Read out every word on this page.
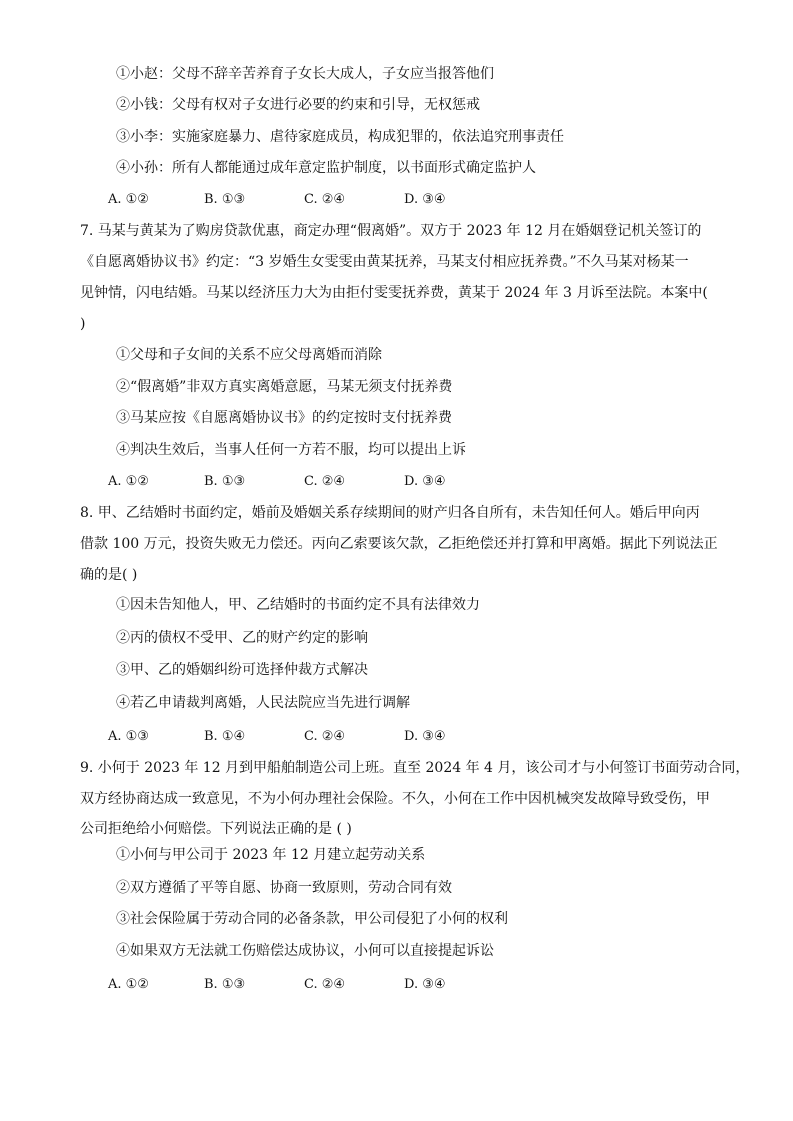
①小赵：父母不辞辛苦养育子女长大成人，子女应当报答他们
②小钱：父母有权对子女进行必要的约束和引导，无权惩戒
③小李：实施家庭暴力、虐待家庭成员，构成犯罪的，依法追究刑事责任
④小孙：所有人都能通过成年意定监护制度，以书面形式确定监护人
A. ①②	B. ①③	C. ②④	D. ③④
7. 马某与黄某为了购房贷款优惠，商定办理“假离婚”。双方于 2023 年 12 月在婚姻登记机关签订的
《自愿离婚协议书》约定：“3 岁婚生女雯雯由黄某抚养，马某支付相应抚养费。”不久马某对杨某一
见钟情，闪电结婚。马某以经济压力大为由拒付雯雯抚养费，黄某于 2024 年 3 月诉至法院。本案中(
)
①父母和子女间的关系不应父母离婚而消除
②“假离婚”非双方真实离婚意愿，马某无须支付抚养费
③马某应按《自愿离婚协议书》的约定按时支付抚养费
④判决生效后，当事人任何一方若不服，均可以提出上诉
A. ①②	B. ①③	C. ②④	D. ③④
8. 甲、乙结婚时书面约定，婚前及婚姻关系存续期间的财产归各自所有，未告知任何人。婚后甲向丙
借款 100 万元，投资失败无力偿还。丙向乙索要该欠款，乙拒绝偿还并打算和甲离婚。据此下列说法正
确的是( )
①因未告知他人，甲、乙结婚时的书面约定不具有法律效力
②丙的债权不受甲、乙的财产约定的影响
③甲、乙的婚姻纠纷可选择仲裁方式解决
④若乙申请裁判离婚，人民法院应当先进行调解
A. ①③	B. ①④	C. ②④	D. ③④
9. 小何于 2023 年 12 月到甲船舶制造公司上班。直至 2024 年 4 月，该公司才与小何签订书面劳动合同，
双方经协商达成一致意见，不为小何办理社会保险。不久，小何在工作中因机械突发故障导致受伤，甲
公司拒绝给小何赔偿。下列说法正确的是 ( )
①小何与甲公司于 2023 年 12 月建立起劳动关系
②双方遵循了平等自愿、协商一致原则，劳动合同有效
③社会保险属于劳动合同的必备条款，甲公司侵犯了小何的权利
④如果双方无法就工伤赔偿达成协议，小何可以直接提起诉讼
A. ①②	B. ①③	C. ②④	D. ③④
